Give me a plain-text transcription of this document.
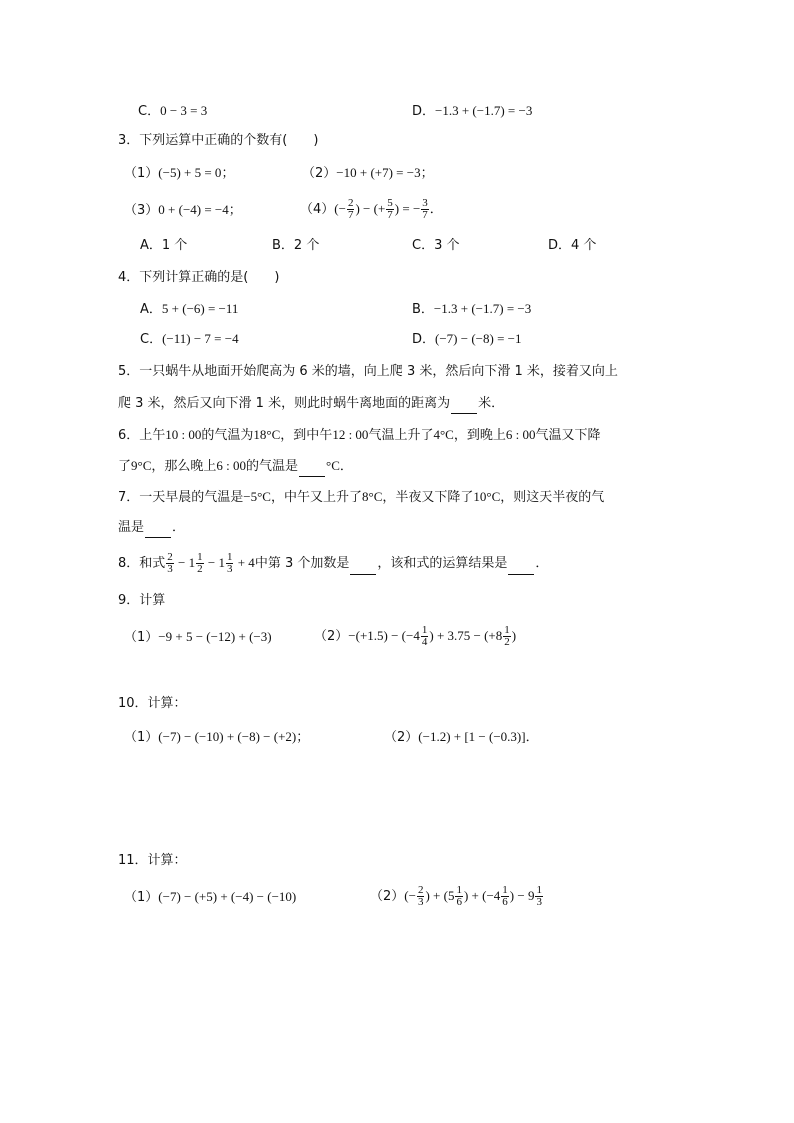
C．0 − 3 = 3	D．−1.3 + (−1.7) = −3
3．下列运算中正确的个数有(　　)
（1）(−5) + 5 = 0；	（2）−10 + (+7) = −3；
（3）0 + (−4) = −4；	$(4)(- \frac{2}{7}$ ) − (+ $\frac{5}{7}$ ) = − $\frac{3}{7}$ ．
A．1 个	B．2 个	C．3 个	D．4 个
4．下列计算正确的是(　　)
A．5 + (−6) = −11	B．−1.3 + (−1.7) = −3
C．(−11) − 7 = −4	D．(−7) − (−8) = −1
5．一只蜗牛从地面开始爬高为 6 米的墙，向上爬 3 米，然后向下滑 1 米，接着又向上
爬 3 米，然后又向下滑 1 米，则此时蜗牛离地面的距离为 米．
6．上午10 : 00的气温为18°C，到中午12 : 00气温上升了4°C，到晚上6 : 00气温又下降
了9°C，那么晚上6 : 00的气温是 °C．
7．一天早晨的气温是−5°C，中午又上升了8°C，半夜又下降了10°C，则这天半夜的气
温是 ．
8．和式 $\frac{2}{3} - 1 \frac{1}{2} - 1 \frac{1}{3} + 4$中第 3 个加数是 ，该和式的运算结果是 ．
9．计算
（1）−9 + 5 − (−12) + (−3)	$(2)-(+1.5) - (-4 \frac{1}{4}$ ) + $3.75 - (+8 \frac{1}{2}$ )
10．计算：
（1）(−7) − (−10) + (−8) − (+2)；	（2）(−1.2) + [1 − (−0.3)]．
11．计算：
（1）(−7) − (+5) + (−4) − (−10)	$(2)(- \frac{2}{3}$ ) + ($5 \frac{1}{6}$ ) + ($-4 \frac{1}{6}$ ) − $9 \frac{1}{3}$
